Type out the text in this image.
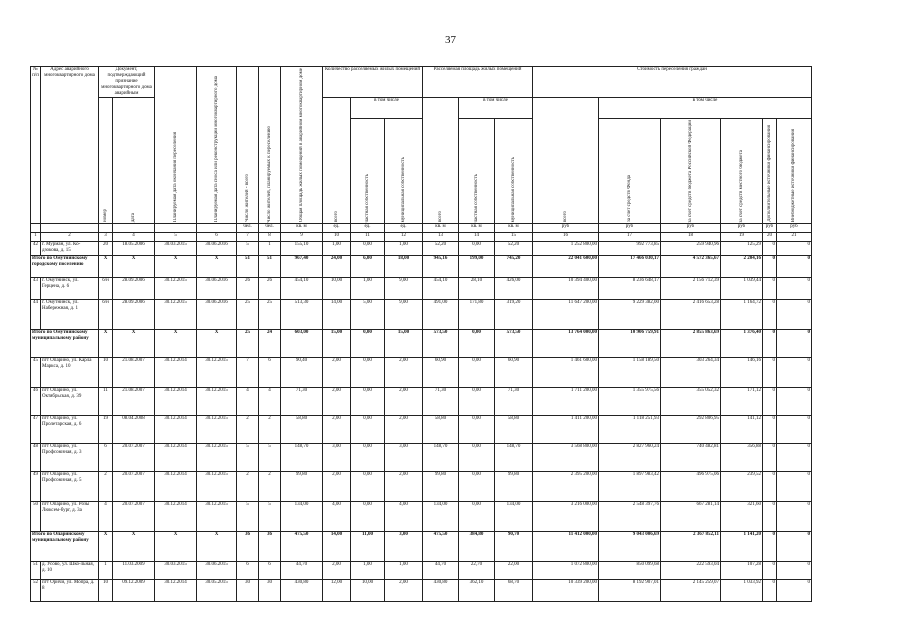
37
№ п/п	Адрес аварийного многоквартирного дома	Документ, подтверждающий признание многоквартирного дома аварийным		Планируемая дата окончания переселения	Планируемая дата сноса или реконструкции многоквартирного дома	Число жителей - всего	Число жителей, планируемых к переселению	Общая площадь жилых помещений в аварийном многоквартирном доме	Количество расселяемых жилых помещений			Расселяемая площадь жилых помещений			Стоимость переселения граждан					

		номер	дата						всего	в том числе		всего	в том числе		всего	в том числе				

										частная собственность	муниципальная собственность		частная собственность	муниципальная собственность		за счет средств Фонда	за счет средств бюджета Российской Федерации	за счет средств местного бюджета	Дополнительные источники финансирования	Внебюджетные источники финансирования

						чел.	чел.	кв. м	ед.	ед.	ед.	кв. м	кв. м	кв. м	руб	руб	руб	руб	руб	руб
1	2	3	4	5	6	7	8	9	10	11	12	13	14	15	16	17	18	19	20	21
42	г. Мурман, ул. Ко-дзокова, д. 15	20	18.05.2006	30.03.2015	30.06.2016	5	1	155,10	1,00	0,00	1,00	52,20	0,00	52,20	1 252 800,00	992 773,85	259 940,96	125,29	0	0
Итого по Омутнинскому городскому поселению		X	X	X	X	51	51	967,40	24,00	6,00	18,00	945,16	199,00	745,20	22 041 600,00	17 466 030,17	4 572 365,67	2 204,16	0	0
43	г. Омутнинск, ул. Герцена, д. 6	б/н	28.09.2006	30.12.2015	30.06.2016	26	26	454,10	10,00	1,00	9,00	454,10	28,10	426,00	10 394 400,00	8 236 648,17	2 156 712,39	1 039,44	0	0
44	г. Омутнинск, ул. Набережная, д. 1	б/н	28.09.2006	30.12.2015	30.06.2016	25	25	513,30	14,00	5,00	9,00	491,00	171,80	319,20	11 647 200,00	9 229 382,00	2 416 653,28	1 164,72	0	0
Итого по Омутнинскому муниципальному району		X	X	X	X	25	24	603,00	15,00	0,00	15,00	573,50	0,00	573,50	13 764 000,00	10 906 759,91	2 855 863,69	1 376,40	0	0
45	пгт Опарино, ул. Карла Маркса, д. 10	10	21.08.2007	30.12.2014	30.12.2015	7	6	90,40	2,00	0,00	2,00	60,90	0,00	60,90	1 461 600,00	1 158 189,50	303 264,34	146,16	0	0
46	пгт Опарино, ул. Октябрьская, д. 39	11	21.08.2007	30.12.2014	30.12.2015	4	4	71,30	2,00	0,00	2,00	71,30	0,00	71,30	1 711 200,00	1 355 975,56	355 052,32	171,12	0	0
47	пгт Опарино, ул. Пролетарская, д. 6	19	08.04.2008	30.12.2014	30.12.2015	2	2	58,80	2,00	0,00	2,00	58,80	0,00	58,80	1 411 200,00	1 118 251,93	292 806,95	141,12	0	0
48	пгт Опарино, ул. Профсоюзная, д. 3	6	20.07.2007	30.12.2014	30.12.2015	5	5	148,70	3,00	0,00	3,00	148,70	0,00	148,70	3 568 800,00	2 827 960,24	740 482,81	356,88	0	0
49	пгт Опарино, ул. Профсоюзная, д. 5	2	20.07.2007	30.12.2014	30.12.2015	2	2	99,80	2,00	0,00	2,00	99,80	0,00	99,80	2 395 200,00	1 897 983,42	496 975,06	239,52	0	0
50	пгт Опарино, ул. Розы Люксем-бург, д. 3а	4	20.07.2007	30.12.2014	30.12.2015	5	5	134,00	4,00	0,00	4,00	134,00	0,00	134,00	3 216 000,00	2 548 397,76	667 281,14	321,60	0	0
Итого по Опаринскому муниципальному району		X	X	X	X	36	36	475,50	14,00	11,00	3,00	475,50	384,80	90,70	11 412 000,00	9 043 006,69	2 367 852,11	1 141,20	0	0
51	д. Усово, ул. Шко-льная, д. 10	1	11.03.2009	30.03.2015	30.06.2015	6	6	44,70	2,00	1,00	1,00	44,70	22,70	22,00	1 072 800,00	850 099,68	222 593,04	107,28	0	0
52	пгт Оричи, ул. Мопра, д. 8	10	09.12.2009	30.12.2014	30.05.2015	30	30	430,80	12,00	10,00	2,00	430,80	362,10	68,70	10 339 200,00	8 192 907,01	2 145 259,07	1 033,92	0	0
